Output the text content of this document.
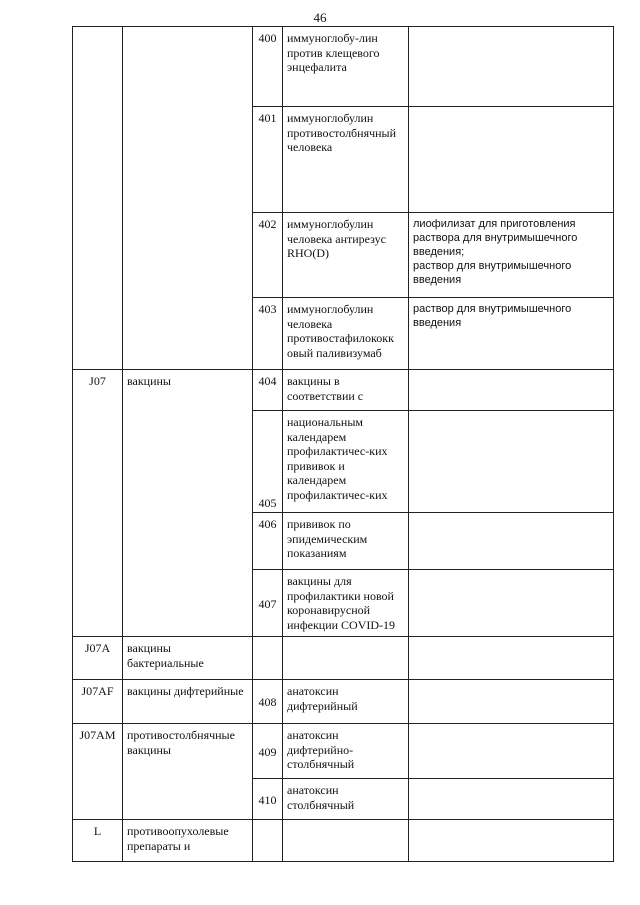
46
		400	иммуноглобу-лин против клещевого энцефалита	
		401	иммуноглобулин противостолбнячный человека	
		402	иммуноглобулин человека антирезус RHO(D)	лиофилизат для приготовления раствора для внутримышечного введения;
раствор для внутримышечного введения
		403	иммуноглобулин человека противостафилококк овый паливизумаб	раствор для внутримышечного введения
J07	вакцины	404	вакцины в соответствии с	
		405	национальным календарем профилактичес-ких прививок и календарем профилактичес-ких	
		406	прививок по эпидемическим показаниям	
		407	вакцины для профилактики новой коронавирусной инфекции COVID-19	
J07A	вакцины бактериальные			
J07AF	вакцины дифтерийные	408	анатоксин дифтерийный	
J07AM	противостолбнячные вакцины	409	анатоксин дифтерийно-столбнячный	
		410	анатоксин столбнячный	
L	противоопухолевые препараты и			
